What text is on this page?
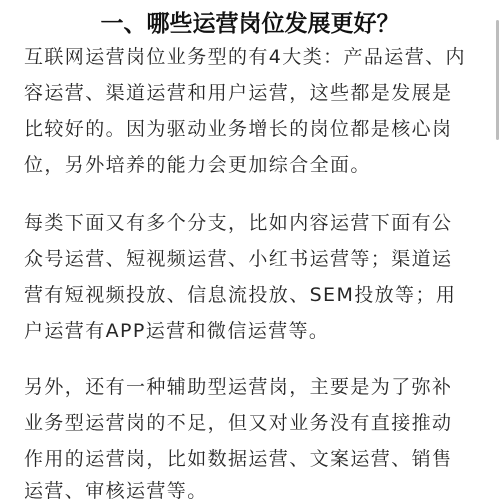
一、哪些运营岗位发展更好？
互联网运营岗位业务型的有4大类：产品运营、内
容运营、渠道运营和用户运营，这些都是发展是
比较好的。因为驱动业务增长的岗位都是核心岗
位，另外培养的能力会更加综合全面。
每类下面又有多个分支，比如内容运营下面有公
众号运营、短视频运营、小红书运营等；渠道运
营有短视频投放、信息流投放、SEM投放等；用
户运营有APP运营和微信运营等。
另外，还有一种辅助型运营岗，主要是为了弥补
业务型运营岗的不足，但又对业务没有直接推动
作用的运营岗，比如数据运营、文案运营、销售
运营、审核运营等。
